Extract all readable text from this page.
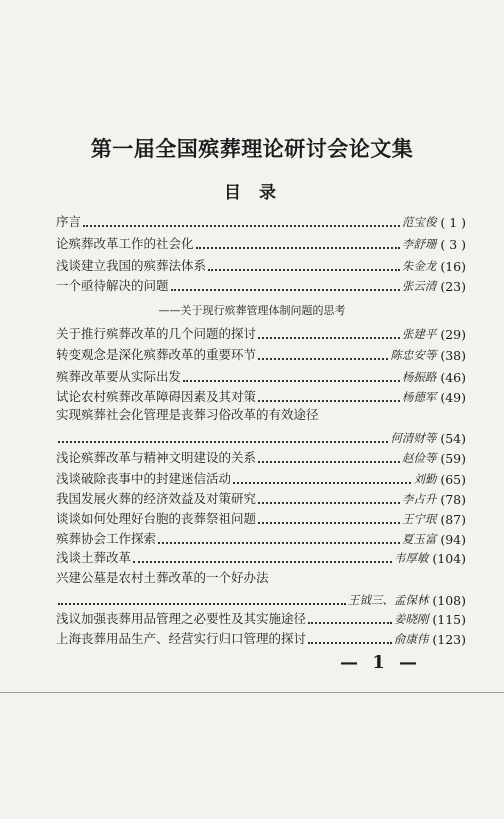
第一届全国殡葬理论研讨会论文集
目录
序言	范宝俊 ( 1 )
论殡葬改革工作的社会化	李舒珊 ( 3 )
浅谈建立我国的殡葬法体系	朱金龙 (16)
一个亟待解决的问题	张云清 (23)
——关于现行殡葬管理体制问题的思考
关于推行殡葬改革的几个问题的探讨	张建平 (29)
转变观念是深化殡葬改革的重要环节	陈忠安等 (38)
殡葬改革要从实际出发	杨振路 (46)
试论农村殡葬改革障碍因素及其对策	杨德军 (49)
实现殡葬社会化管理是丧葬习俗改革的有效途径
何清财等 (54)
浅论殡葬改革与精神文明建设的关系	赵俭等 (59)
浅谈破除丧事中的封建迷信活动	刘勤 (65)
我国发展火葬的经济效益及对策研究	李占升 (78)
谈谈如何处理好台胞的丧葬祭祖问题	王宁珉 (87)
殡葬协会工作探索	夏玉富 (94)
浅谈土葬改革	韦厚敏 (104)
兴建公墓是农村土葬改革的一个好办法
王钺三、孟保林 (108)
浅议加强丧葬用品管理之必要性及其实施途径	姜晓刚 (115)
上海丧葬用品生产、经营实行归口管理的探讨	俞康伟 (123)
— 1 —
